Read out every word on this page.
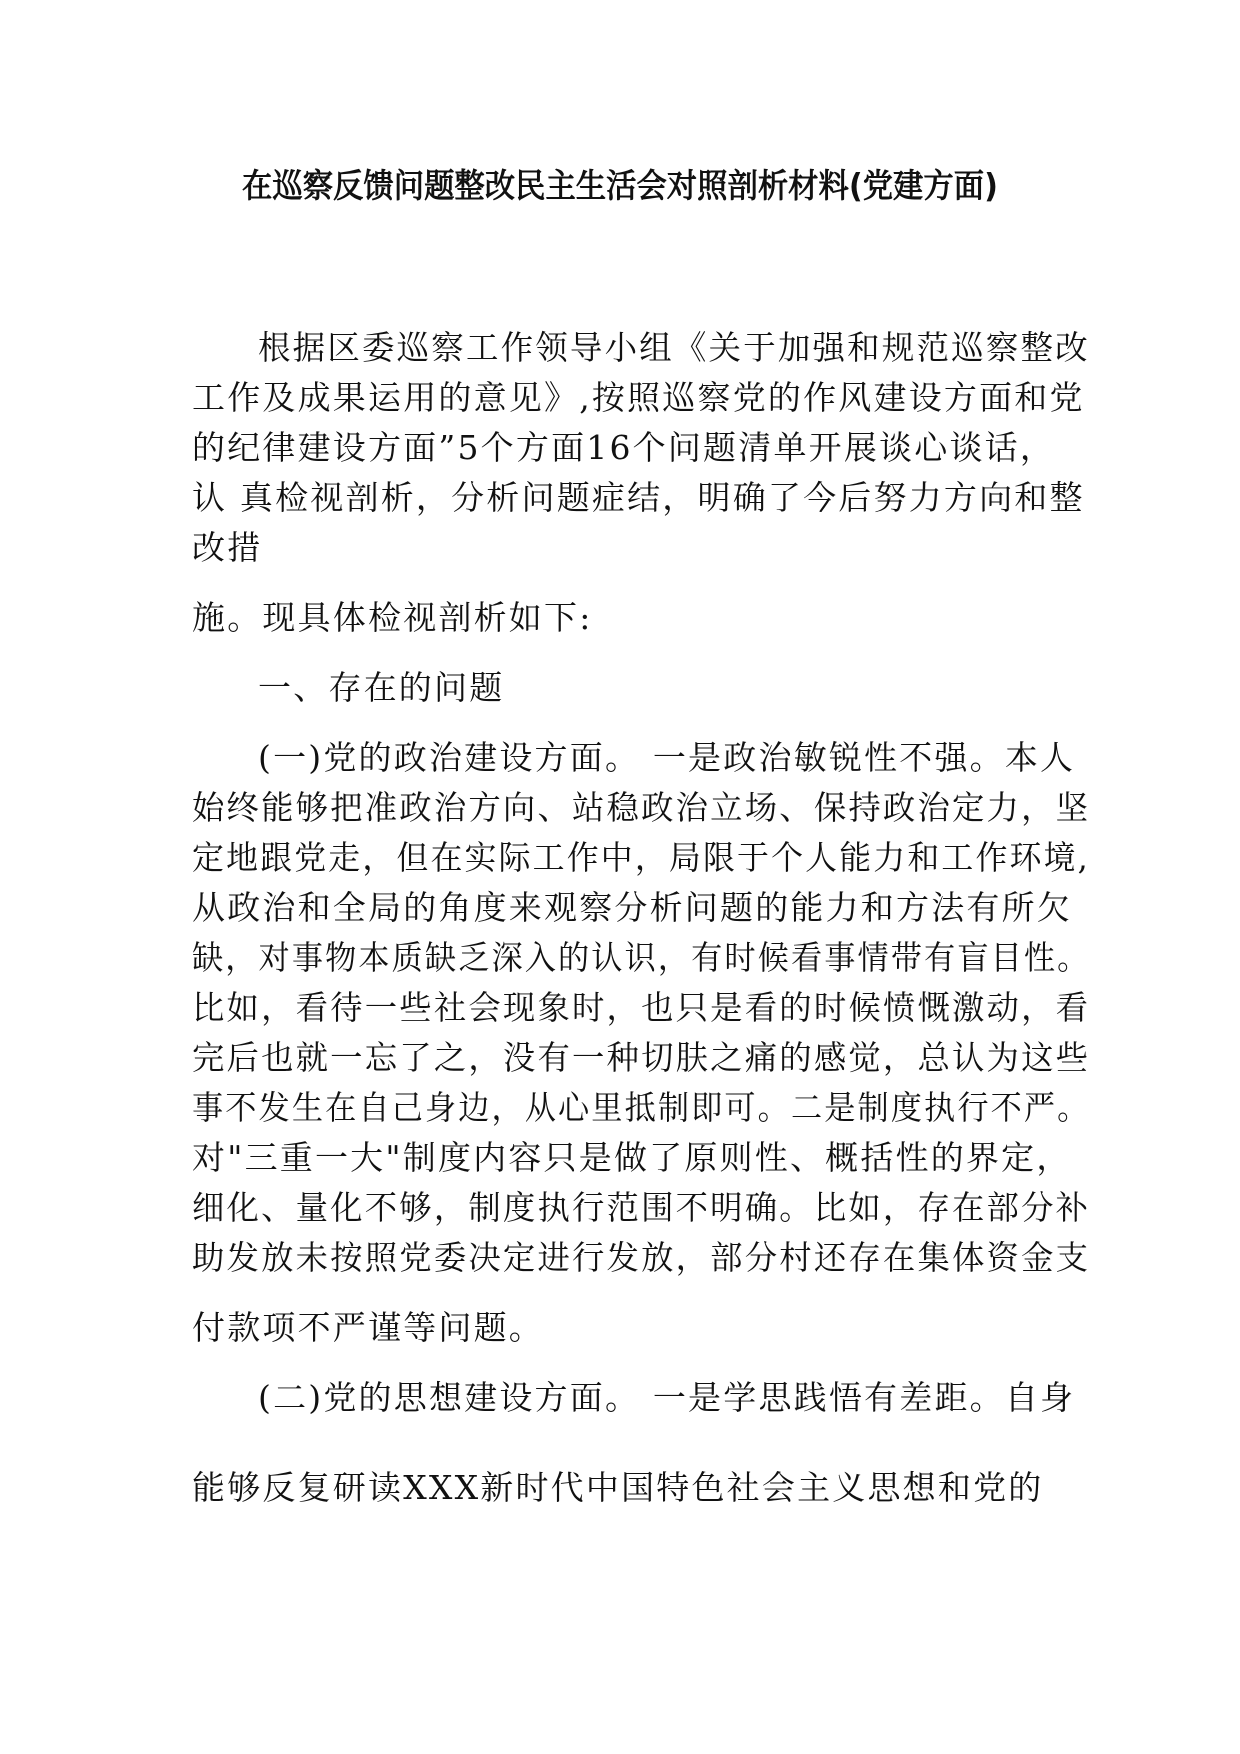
在巡察反馈问题整改民主生活会对照剖析材料(党建方面)
根据区委巡察工作领导小组《关于加强和规范巡察整改
工作及成果运用的意见》,按照巡察党的作风建设方面和党
的纪律建设方面”5个方面16个问题清单开展谈心谈话，
认 真检视剖析，分析问题症结，明确了今后努力方向和整
改措
施。现具体检视剖析如下:
一、存在的问题
(一)党的政治建设方面。 一是政治敏锐性不强。本人
始终能够把准政治方向、站稳政治立场、保持政治定力，坚
定地跟党走，但在实际工作中，局限于个人能力和工作环境,
从政治和全局的角度来观察分析问题的能力和方法有所欠
缺，对事物本质缺乏深入的认识，有时候看事情带有盲目性。
比如，看待一些社会现象时，也只是看的时候愤慨激动，看
完后也就一忘了之，没有一种切肤之痛的感觉，总认为这些
事不发生在自己身边，从心里抵制即可。二是制度执行不严。
对"三重一大"制度内容只是做了原则性、概括性的界定，
细化、量化不够，制度执行范围不明确。比如，存在部分补
助发放未按照党委决定进行发放，部分村还存在集体资金支
付款项不严谨等问题。
(二)党的思想建设方面。 一是学思践悟有差距。自身
能够反复研读XXX新时代中国特色社会主义思想和党的
